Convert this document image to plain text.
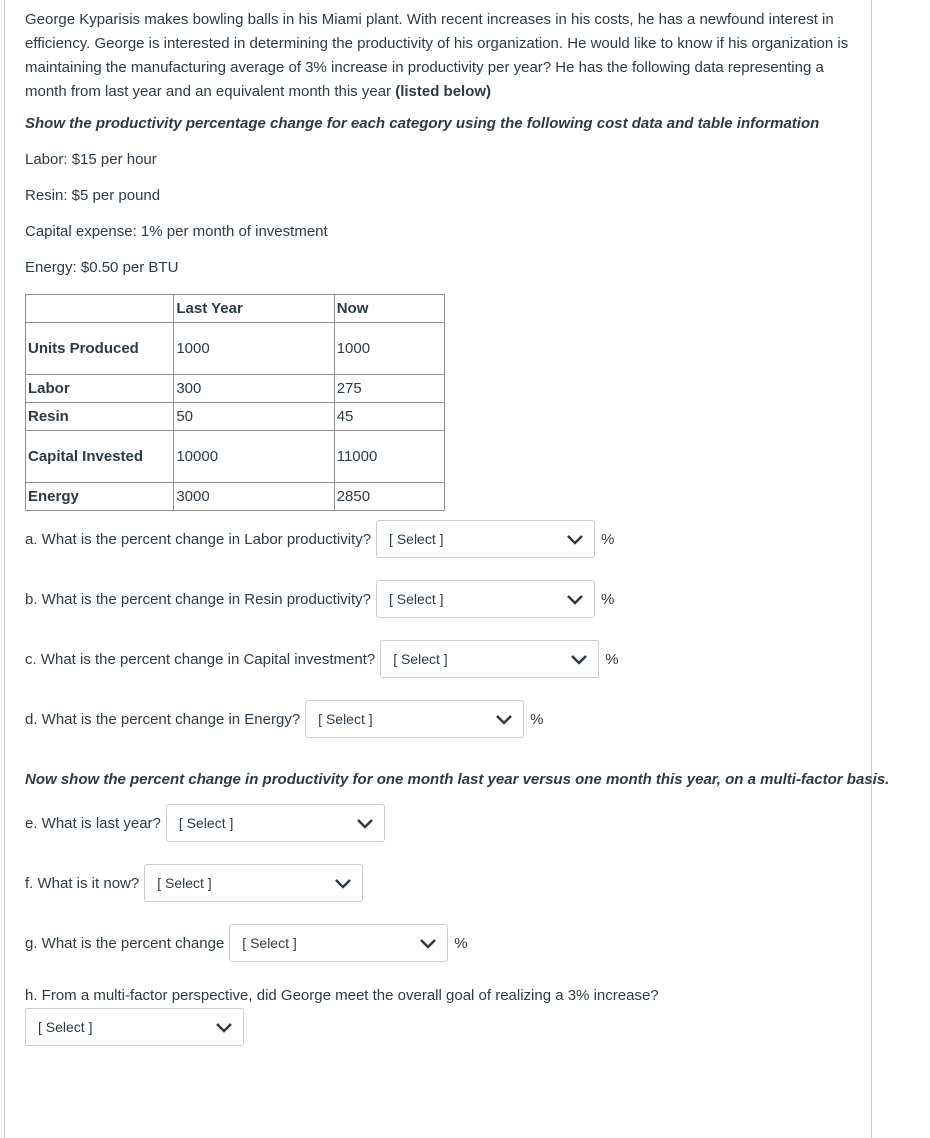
George Kyparisis makes bowling balls in his Miami plant. With recent increases in his costs, he has a newfound interest in efficiency. George is interested in determining the productivity of his organization. He would like to know if his organization is maintaining the manufacturing average of 3% increase in productivity per year? He has the following data representing a month from last year and an equivalent month this year (listed below)

Show the productivity percentage change for each category using the following cost data and table information

Labor: $15 per hour

Resin: $5 per pound

Capital expense: 1% per month of investment

Energy: $0.50 per BTU

	Last Year	Now
Units Produced	1000	1000
Labor	300	275
Resin	50	45
Capital Invested	10000	11000
Energy	3000	2850
a. What is the percent change in Labor productivity? [ Select ]	%
b. What is the percent change in Resin productivity? [ Select ]	%
c. What is the percent change in Capital investment? [ Select ]	%
d. What is the percent change in Energy? [ Select ]	%
Now show the percent change in productivity for one month last year versus one month this year, on a multi-factor basis.
e. What is last year? [ Select ]
f. What is it now? [ Select ]
g. What is the percent change [ Select ]	%
h. From a multi-factor perspective, did George meet the overall goal of realizing a 3% increase?
[ Select ]
